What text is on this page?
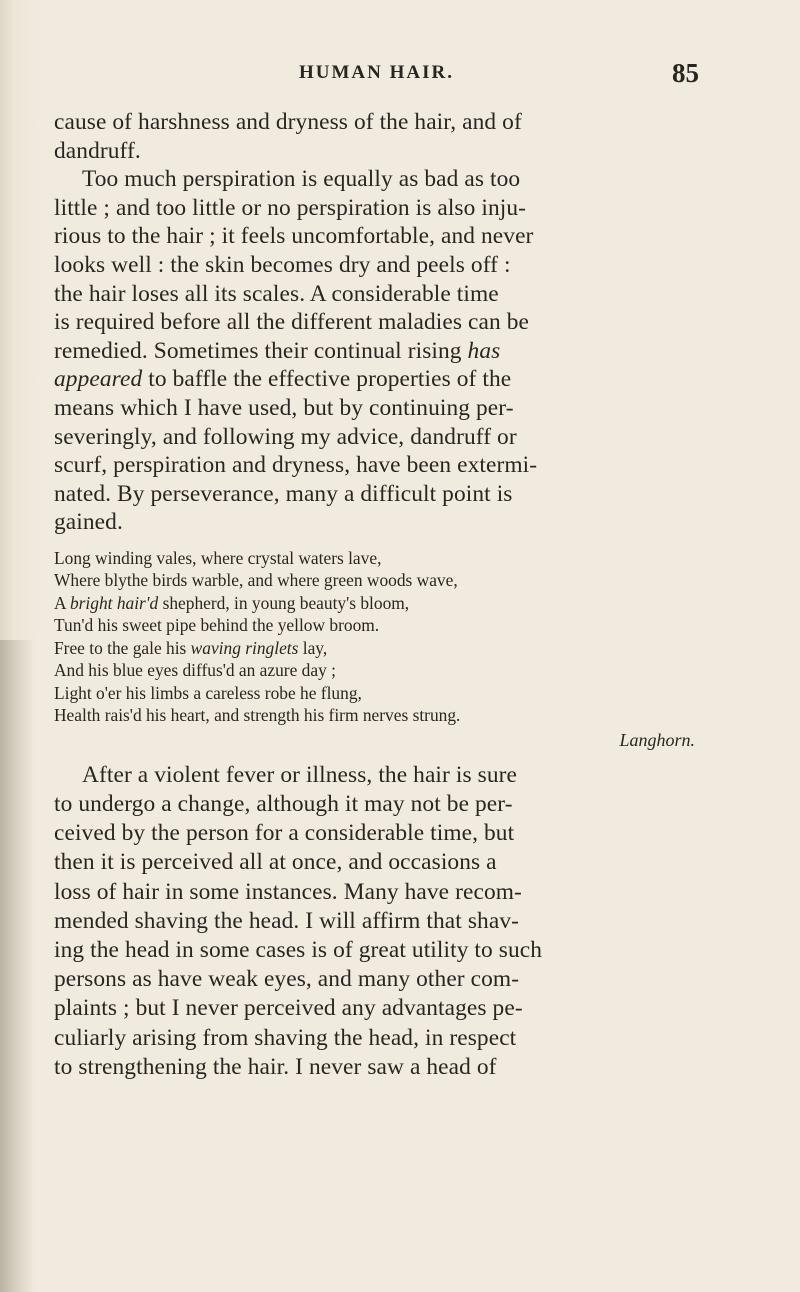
HUMAN HAIR.	85
cause of harshness and dryness of the hair, and of
dandruff.
Too much perspiration is equally as bad as too
little ; and too little or no perspiration is also inju-
rious to the hair ; it feels uncomfortable, and never
looks well : the skin becomes dry and peels off :
the hair loses all its scales. A considerable time
is required before all the different maladies can be
remedied. Sometimes their continual rising has
appeared to baffle the effective properties of the
means which I have used, but by continuing per-
severingly, and following my advice, dandruff or
scurf, perspiration and dryness, have been extermi-
nated. By perseverance, many a difficult point is
gained.
Long winding vales, where crystal waters lave,
Where blythe birds warble, and where green woods wave,
A bright hair'd shepherd, in young beauty's bloom,
Tun'd his sweet pipe behind the yellow broom.
Free to the gale his waving ringlets lay,
And his blue eyes diffus'd an azure day ;
Light o'er his limbs a careless robe he flung,
Health rais'd his heart, and strength his firm nerves strung.
Langhorn.
After a violent fever or illness, the hair is sure
to undergo a change, although it may not be per-
ceived by the person for a considerable time, but
then it is perceived all at once, and occasions a
loss of hair in some instances. Many have recom-
mended shaving the head. I will affirm that shav-
ing the head in some cases is of great utility to such
persons as have weak eyes, and many other com-
plaints ; but I never perceived any advantages pe-
culiarly arising from shaving the head, in respect
to strengthening the hair. I never saw a head of
